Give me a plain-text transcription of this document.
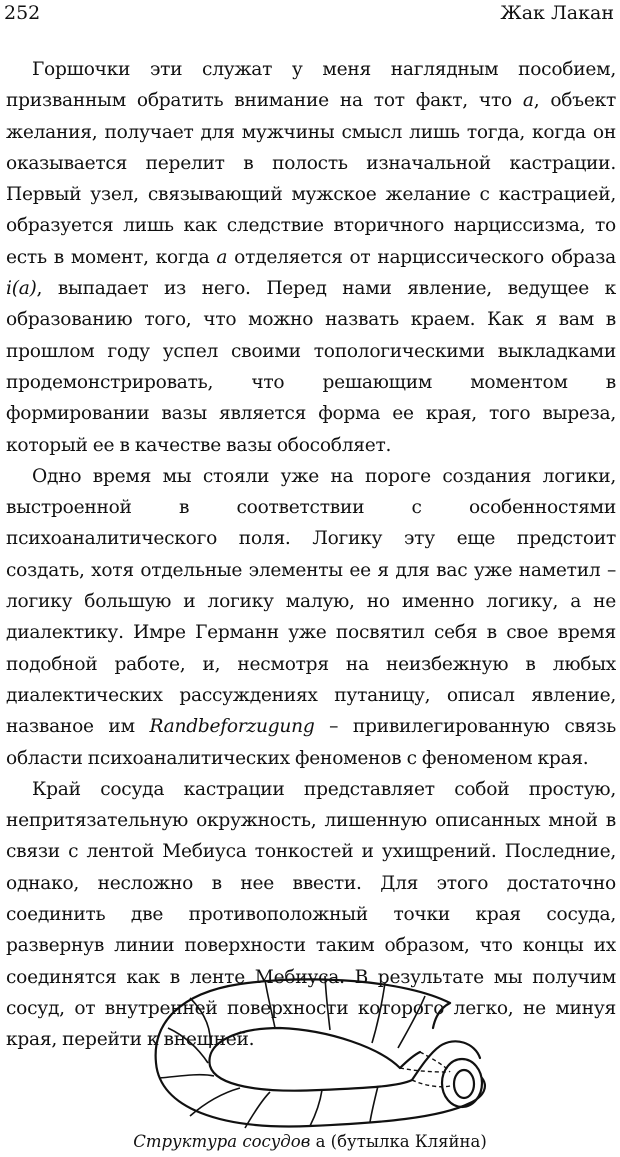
252	Жак Лакан

Горшочки эти служат у меня наглядным пособием, призванным обратить внимание на тот факт, что а, объект желания, получает для мужчины смысл лишь тогда, когда он оказывается перелит в полость изначальной кастрации. Первый узел, связывающий мужское желание с кастрацией, образуется лишь как следствие вторичного нарциссизма, то есть в момент, когда а отделяется от нарциссического образа i(a), выпадает из него. Перед нами явление, ведущее к образованию того, что можно назвать краем. Как я вам в прошлом году успел своими топологическими выкладками продемонстрировать, что решающим моментом в формировании вазы является форма ее края, того выреза, который ее в качестве вазы обособляет.

Одно время мы стояли уже на пороге создания логики, выстроенной в соответствии с особенностями психоаналитического поля. Логику эту еще предстоит создать, хотя отдельные элементы ее я для вас уже наметил – логику большую и логику малую, но именно логику, а не диалектику. Имре Германн уже посвятил себя в свое время подобной работе, и, несмотря на неизбежную в любых диалектических рассуждениях путаницу, описал явление, названое им Randbeforzugung – привилегированную связь области психоаналитических феноменов с феноменом края.

Край сосуда кастрации представляет собой простую, непритязательную окружность, лишенную описанных мной в связи с лентой Мебиуса тонкостей и ухищрений. Последние, однако, несложно в нее ввести. Для этого достаточно соединить две противоположный точки края сосуда, развернув линии поверхности таким образом, что концы их соединятся как в ленте Мебиуса. В результате мы получим сосуд, от внутренней поверхности которого легко, не минуя края, перейти к внешней.

Структура сосудов а (бутылка Кляйна)
